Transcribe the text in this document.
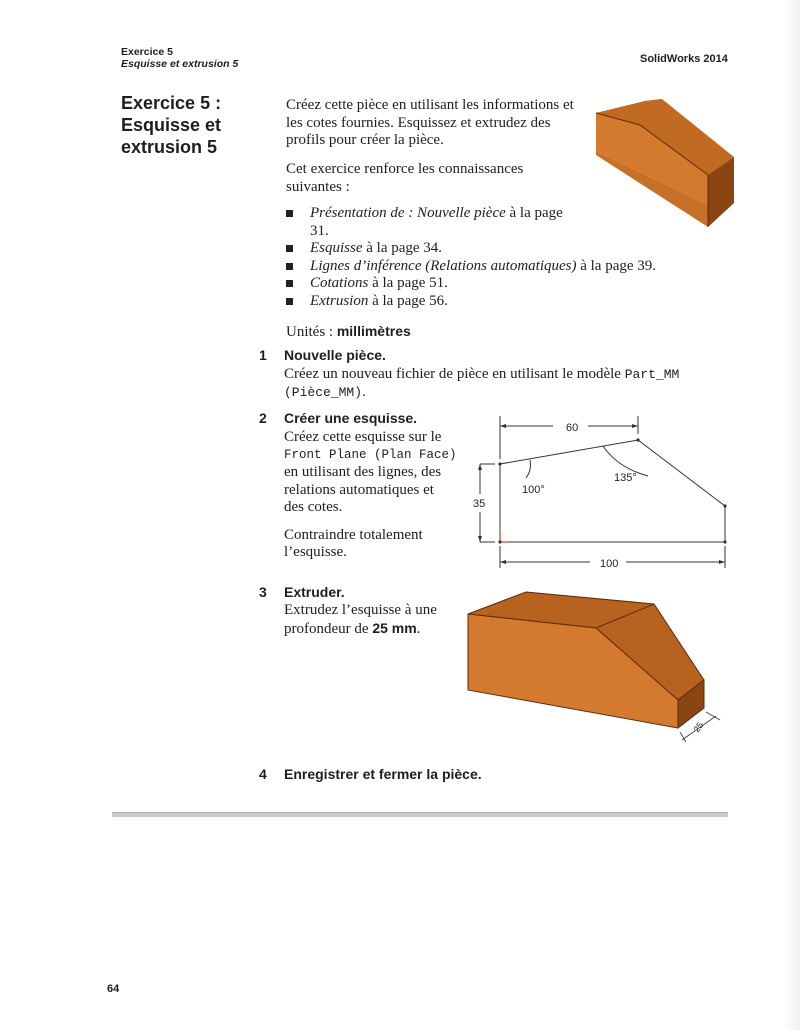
Exercice 5
Esquisse et extrusion 5	SolidWorks 2014
Exercice 5 :
Esquisse et
extrusion 5
Créez cette pièce en utilisant les informations et
les cotes fournies. Esquissez et extrudez des
profils pour créer la pièce.
Cet exercice renforce les connaissances
suivantes :
Présentation de : Nouvelle pièce à la page 31.
Esquisse à la page 34.
Lignes d’inférence (Relations automatiques) à la page 39.
Cotations à la page 51.
Extrusion à la page 56.
Unités : millimètres
1 Nouvelle pièce.
Créez un nouveau fichier de pièce en utilisant le modèle Part_MM
(Pièce_MM).
2 Créer une esquisse.
Créez cette esquisse sur le
Front Plane (Plan Face)
en utilisant des lignes, des
relations automatiques et
des cotes.
Contraindre totalement
l’esquisse.
60
100
35
100°
135°
3 Extruder.
Extrudez l’esquisse à une
profondeur de 25 mm.
25
4 Enregistrer et fermer la pièce.
64
